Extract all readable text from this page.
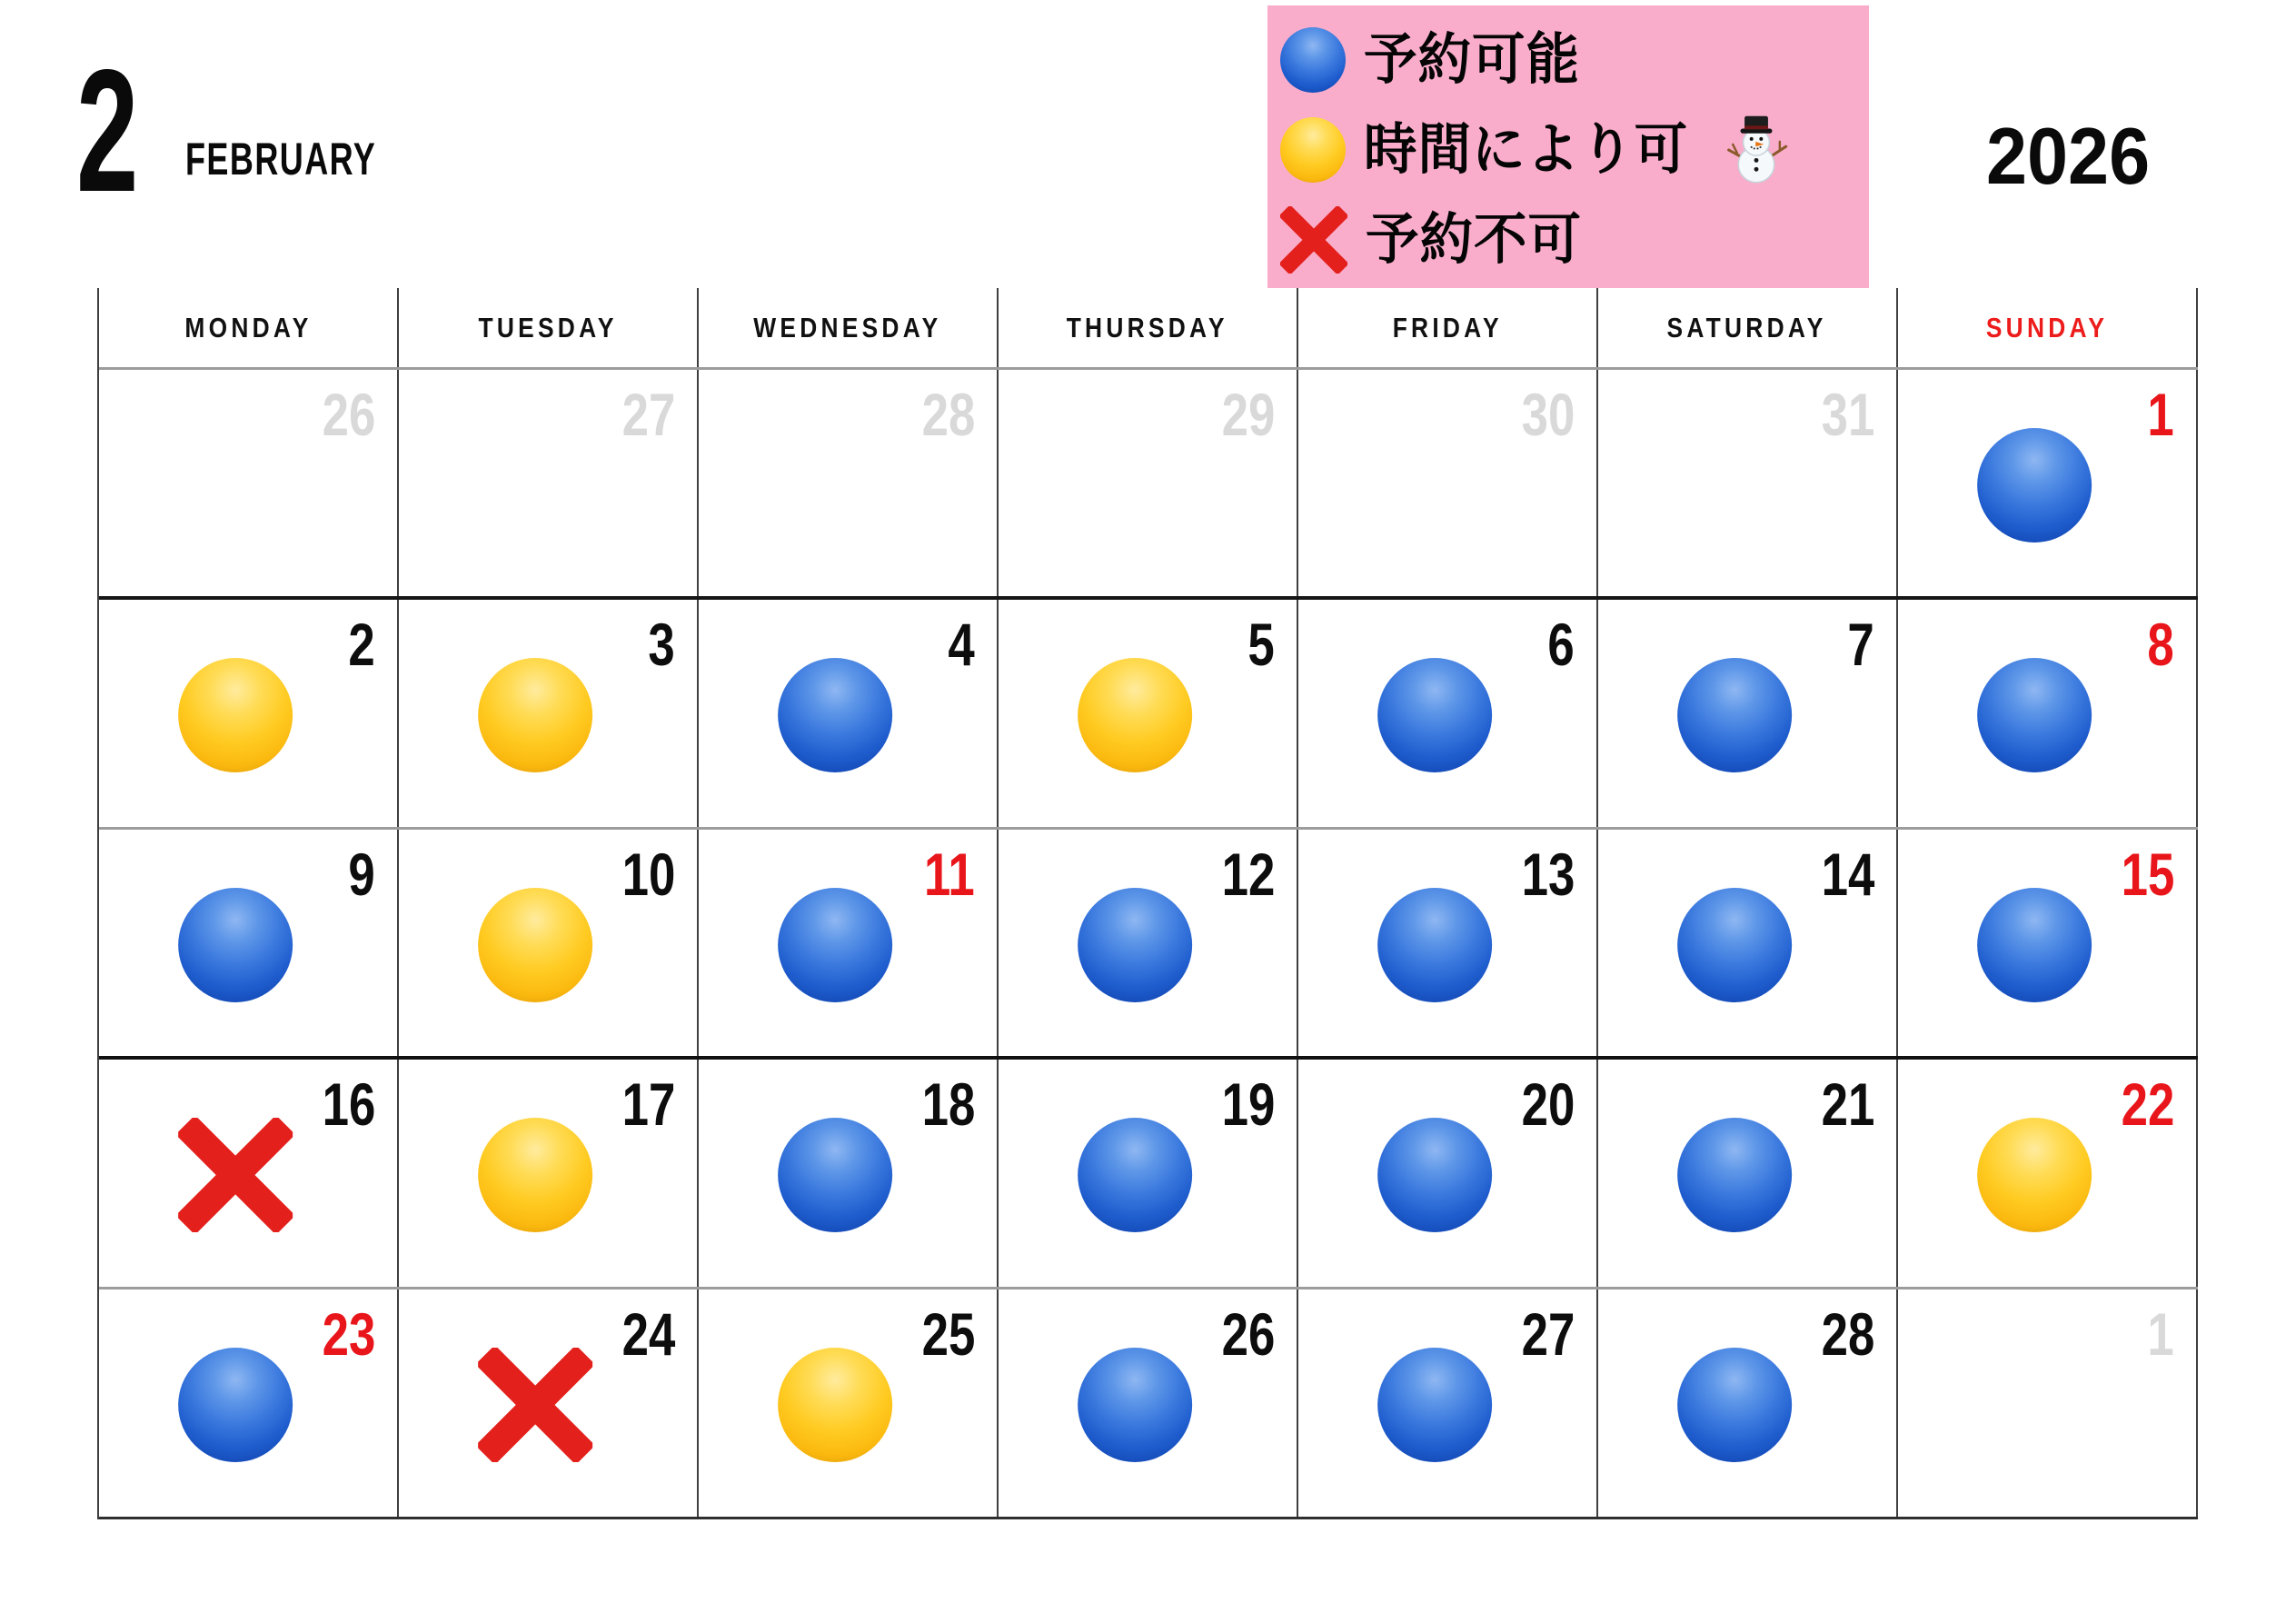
2 FEBRUARY	2026
予約可能
時間により可
予約不可
MONDAY	TUESDAY	WEDNESDAY	THURSDAY	FRIDAY	SATURDAY	SUNDAY
26	27	28	29	30	31	1
2	3	4	5	6	7	8
9	10	11	12	13	14	15
16	17	18	19	20	21	22
23	24	25	26	27	28	1
